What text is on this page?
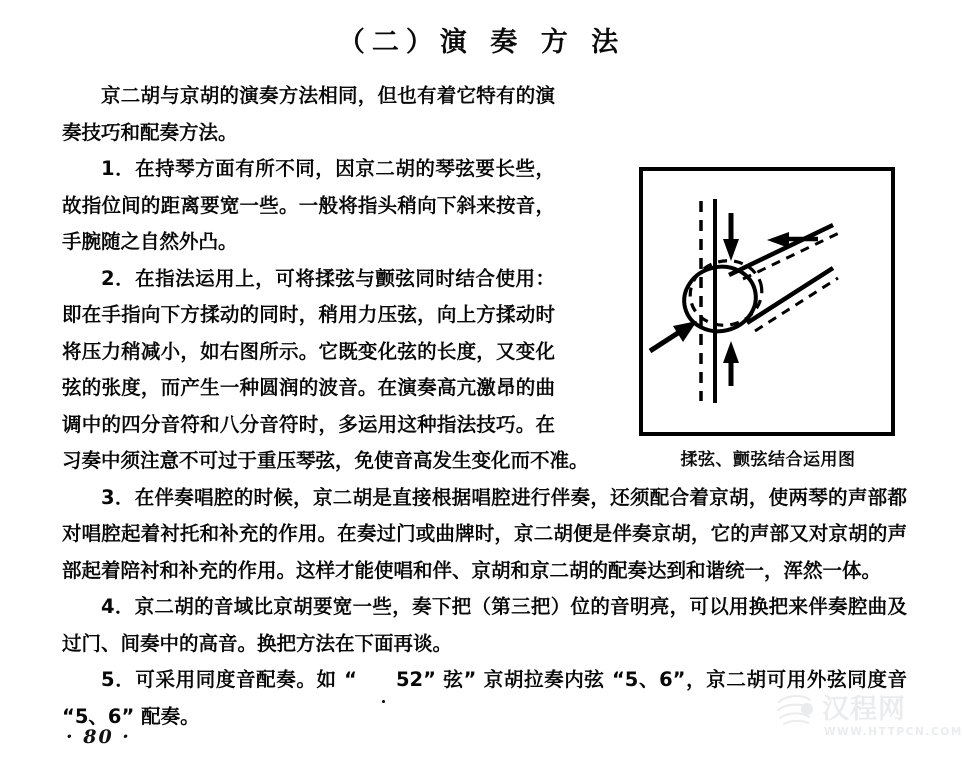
（二）演 奏 方 法
揉弦、颤弦结合运用图

京二胡与京胡的演奏方法相同，但也有着它特有的演奏技巧和配奏方法。

1．在持琴方面有所不同，因京二胡的琴弦要长些，故指位间的距离要宽一些。一般将指头稍向下斜来按音，手腕随之自然外凸。

2．在指法运用上，可将揉弦与颤弦同时结合使用：即在手指向下方揉动的同时，稍用力压弦，向上方揉动时将压力稍减小，如右图所示。它既变化弦的长度，又变化弦的张度，而产生一种圆润的波音。在演奏高亢激昂的曲调中的四分音符和八分音符时，多运用这种指法技巧。在习奏中须注意不可过于重压琴弦，免使音高发生变化而不准。

3．在伴奏唱腔的时候，京二胡是直接根据唱腔进行伴奏，还须配合着京胡，使两琴的声部都对唱腔起着衬托和补充的作用。在奏过门或曲牌时，京二胡便是伴奏京胡，它的声部又对京胡的声部起着陪衬和补充的作用。这样才能使唱和伴、京胡和京二胡的配奏达到和谐统一，浑然一体。

4．京二胡的音域比京胡要宽一些，奏下把（第三把）位的音明亮，可以用换把来伴奏腔曲及过门、间奏中的高音。换把方法在下面再谈。

5．可采用同度音配奏。如 “ 52” 弦” 京胡拉奏内弦 “5、6”，京二胡可用外弦同度音 “5、6” 配奏。

· 80 ·
汉程网
WWW.HTTPCN.COM
